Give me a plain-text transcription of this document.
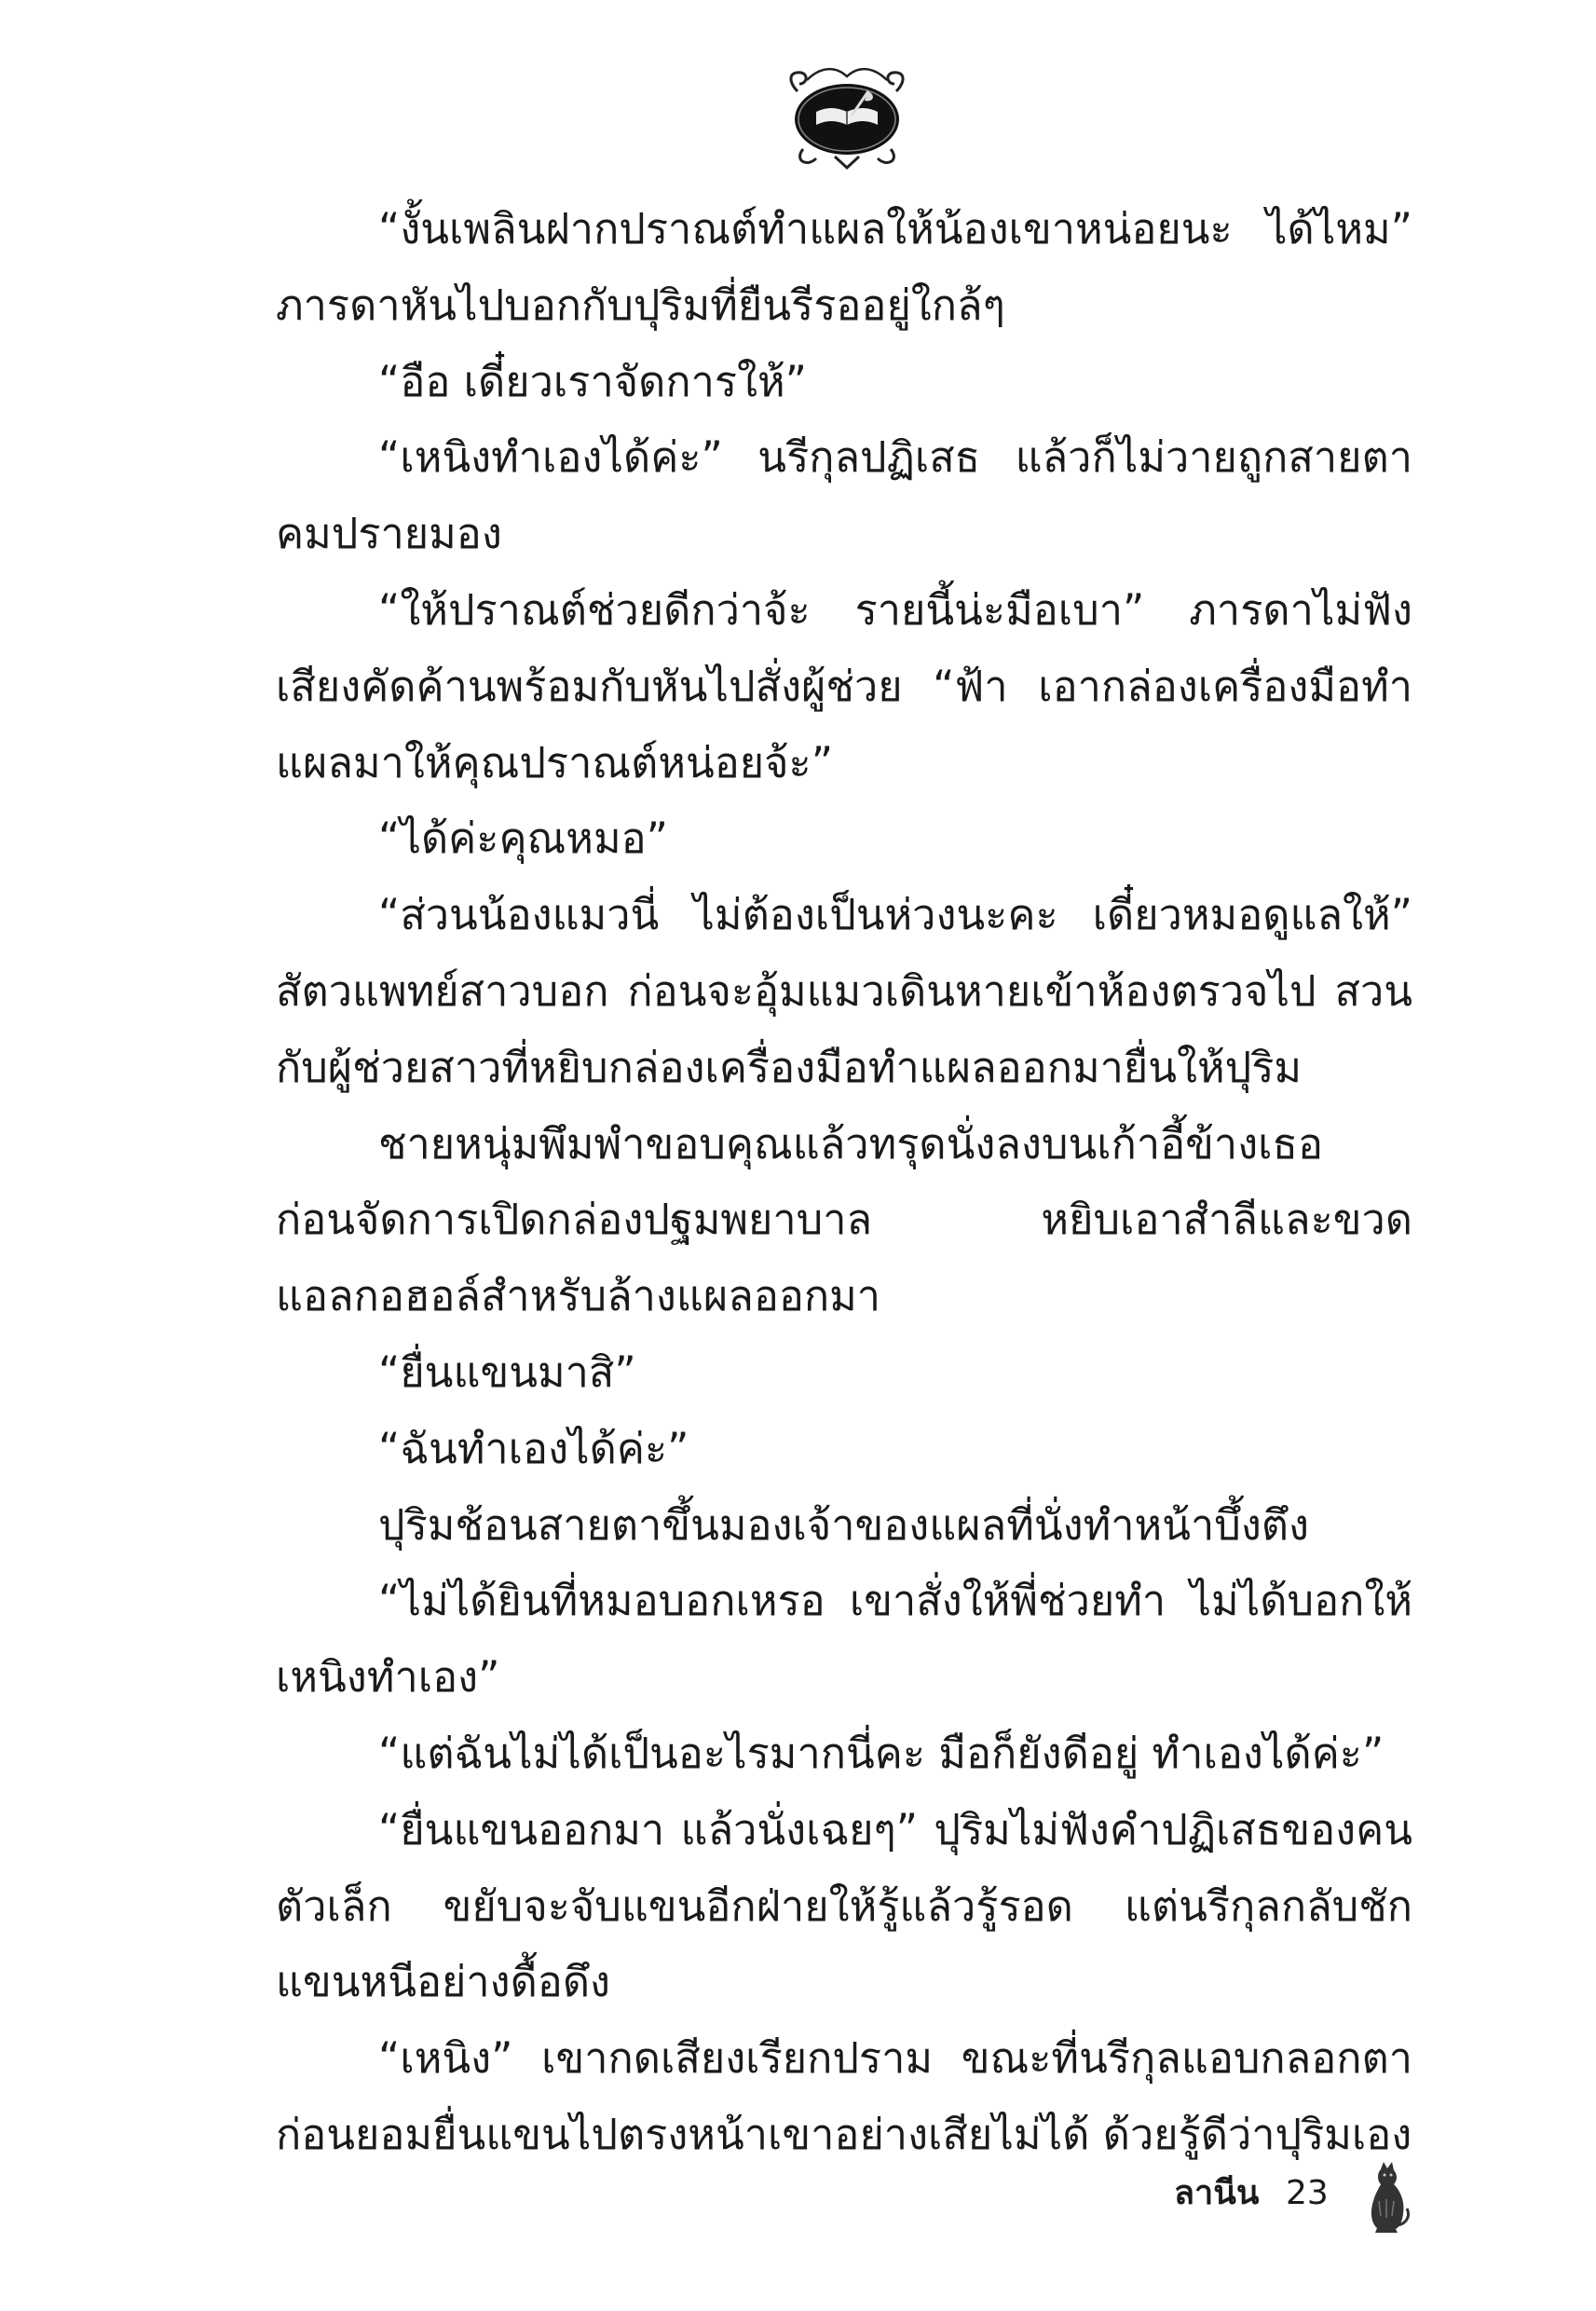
“งั้นเพลินฝากปราณต์ทำแผลให้น้องเขาหน่อยนะ ได้ไหม” ภารดาหันไปบอกกับปุริมที่ยืนรีรออยู่ใกล้ๆ

“อือ เดี๋ยวเราจัดการให้”

“เหนิงทำเองได้ค่ะ” นรีกุลปฏิเสธ แล้วก็ไม่วายถูกสายตาคมปรายมอง

“ให้ปราณต์ช่วยดีกว่าจ้ะ รายนี้น่ะมือเบา” ภารดาไม่ฟังเสียงคัดค้านพร้อมกับหันไปสั่งผู้ช่วย “ฟ้า เอากล่องเครื่องมือทำแผลมาให้คุณปราณต์หน่อยจ้ะ”

“ได้ค่ะคุณหมอ”

“ส่วนน้องแมวนี่ ไม่ต้องเป็นห่วงนะคะ เดี๋ยวหมอดูแลให้” สัตวแพทย์สาวบอก ก่อนจะอุ้มแมวเดินหายเข้าห้องตรวจไป สวนกับผู้ช่วยสาวที่หยิบกล่องเครื่องมือทำแผลออกมายื่นให้ปุริม

ชายหนุ่มพึมพำขอบคุณแล้วทรุดนั่งลงบนเก้าอี้ข้างเธอ ก่อนจัดการเปิดกล่องปฐมพยาบาล หยิบเอาสำลีและขวดแอลกอฮอล์สำหรับล้างแผลออกมา

“ยื่นแขนมาสิ”

“ฉันทำเองได้ค่ะ”

ปุริมช้อนสายตาขึ้นมองเจ้าของแผลที่นั่งทำหน้าบึ้งตึง

“ไม่ได้ยินที่หมอบอกเหรอ เขาสั่งให้พี่ช่วยทำ ไม่ได้บอกให้เหนิงทำเอง”

“แต่ฉันไม่ได้เป็นอะไรมากนี่คะ มือก็ยังดีอยู่ ทำเองได้ค่ะ”

“ยื่นแขนออกมา แล้วนั่งเฉยๆ” ปุริมไม่ฟังคำปฏิเสธของคนตัวเล็ก ขยับจะจับแขนอีกฝ่ายให้รู้แล้วรู้รอด แต่นรีกุลกลับชักแขนหนีอย่างดื้อดึง

“เหนิง” เขากดเสียงเรียกปราม ขณะที่นรีกุลแอบกลอกตาก่อนยอมยื่นแขนไปตรงหน้าเขาอย่างเสียไม่ได้ ด้วยรู้ดีว่าปุริมเอง

ลานีน 23
